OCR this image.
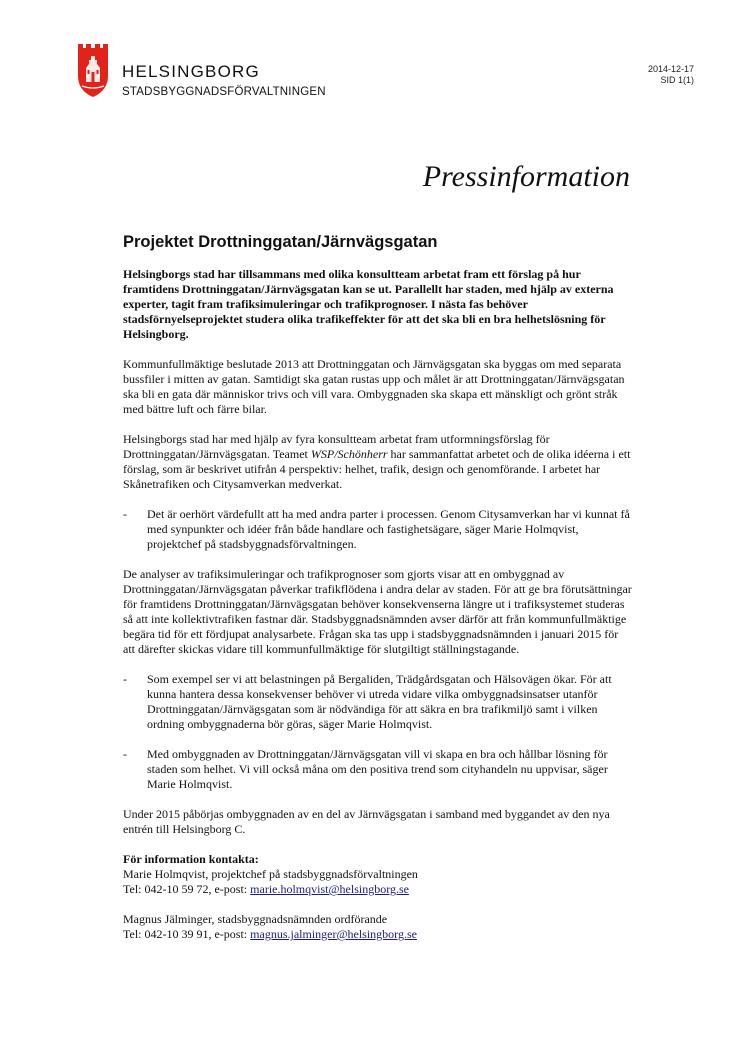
HELSINGBORG
STADSBYGGNADSFÖRVALTNINGEN
2014-12-17
SID 1(1)
Pressinformation
Projektet Drottninggatan/Järnvägsgatan

Helsingborgs stad har tillsammans med olika konsultteam arbetat fram ett förslag på hur framtidens Drottninggatan/Järnvägsgatan kan se ut. Parallellt har staden, med hjälp av externa experter, tagit fram trafiksimuleringar och trafikprognoser. I nästa fas behöver stadsförnyelseprojektet studera olika trafikeffekter för att det ska bli en bra helhetslösning för Helsingborg.

Kommunfullmäktige beslutade 2013 att Drottninggatan och Järnvägsgatan ska byggas om med separata bussfiler i mitten av gatan. Samtidigt ska gatan rustas upp och målet är att Drottninggatan/Järnvägsgatan ska bli en gata där människor trivs och vill vara. Ombyggnaden ska skapa ett mänskligt och grönt stråk med bättre luft och färre bilar.

Helsingborgs stad har med hjälp av fyra konsultteam arbetat fram utformningsförslag för Drottninggatan/Järnvägsgatan. Teamet WSP/Schönherr har sammanfattat arbetet och de olika idéerna i ett förslag, som är beskrivet utifrån 4 perspektiv: helhet, trafik, design och genomförande. I arbetet har Skånetrafiken och Citysamverkan medverkat.

- Det är oerhört värdefullt att ha med andra parter i processen. Genom Citysamverkan har vi kunnat få med synpunkter och idéer från både handlare och fastighetsägare, säger Marie Holmqvist, projektchef på stadsbyggnadsförvaltningen.

De analyser av trafiksimuleringar och trafikprognoser som gjorts visar att en ombyggnad av Drottninggatan/Järnvägsgatan påverkar trafikflödena i andra delar av staden. För att ge bra förutsättningar för framtidens Drottninggatan/Järnvägsgatan behöver konsekvenserna längre ut i trafiksystemet studeras så att inte kollektivtrafiken fastnar där. Stadsbyggnadsnämnden avser därför att från kommunfullmäktige begära tid för ett fördjupat analysarbete. Frågan ska tas upp i stadsbyggnadsnämnden i januari 2015 för att därefter skickas vidare till kommunfullmäktige för slutgiltigt ställningstagande.

- Som exempel ser vi att belastningen på Bergaliden, Trädgårdsgatan och Hälsovägen ökar. För att kunna hantera dessa konsekvenser behöver vi utreda vidare vilka ombyggnadsinsatser utanför Drottninggatan/Järnvägsgatan som är nödvändiga för att säkra en bra trafikmiljö samt i vilken ordning ombyggnaderna bör göras, säger Marie Holmqvist.
- Med ombyggnaden av Drottninggatan/Järnvägsgatan vill vi skapa en bra och hållbar lösning för staden som helhet. Vi vill också måna om den positiva trend som cityhandeln nu uppvisar, säger Marie Holmqvist.

Under 2015 påbörjas ombyggnaden av en del av Järnvägsgatan i samband med byggandet av den nya entrén till Helsingborg C.

För information kontakta:
Marie Holmqvist, projektchef på stadsbyggnadsförvaltningen
Tel: 042-10 59 72, e-post: marie.holmqvist@helsingborg.se
Magnus Jälminger, stadsbyggnadsnämnden ordförande
Tel: 042-10 39 91, e-post: magnus.jalminger@helsingborg.se
